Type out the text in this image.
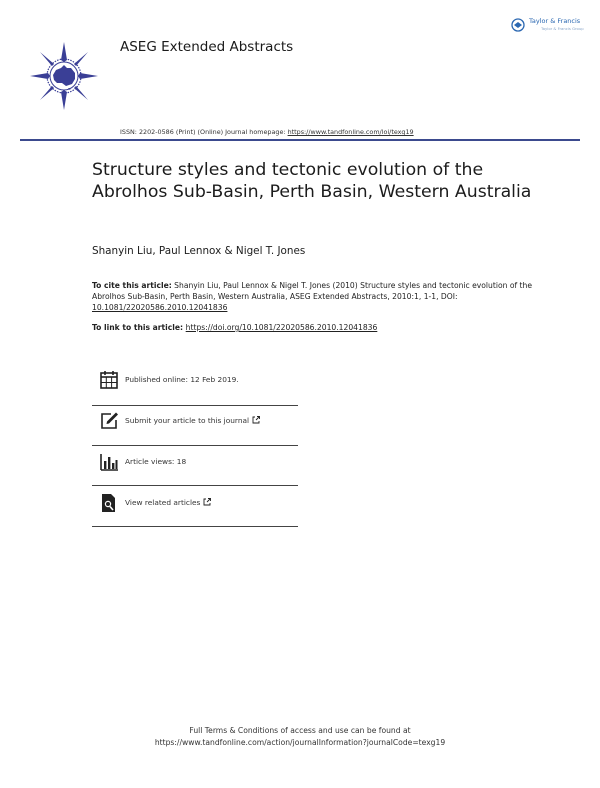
ASEG Extended Abstracts
Taylor & Francis
Taylor & Francis Group
ISSN: 2202-0586 (Print) (Online) Journal homepage: https://www.tandfonline.com/loi/texg19
Structure styles and tectonic evolution of the Abrolhos Sub-Basin, Perth Basin, Western Australia
Shanyin Liu, Paul Lennox & Nigel T. Jones
To cite this article: Shanyin Liu, Paul Lennox & Nigel T. Jones (2010) Structure styles and tectonic evolution of the Abrolhos Sub-Basin, Perth Basin, Western Australia, ASEG Extended Abstracts, 2010:1, 1-1, DOI: 10.1081/22020586.2010.12041836
To link to this article: https://doi.org/10.1081/22020586.2010.12041836
Published online: 12 Feb 2019.
Submit your article to this journal
Article views: 18
View related articles
Full Terms & Conditions of access and use can be found at
https://www.tandfonline.com/action/journalInformation?journalCode=texg19
